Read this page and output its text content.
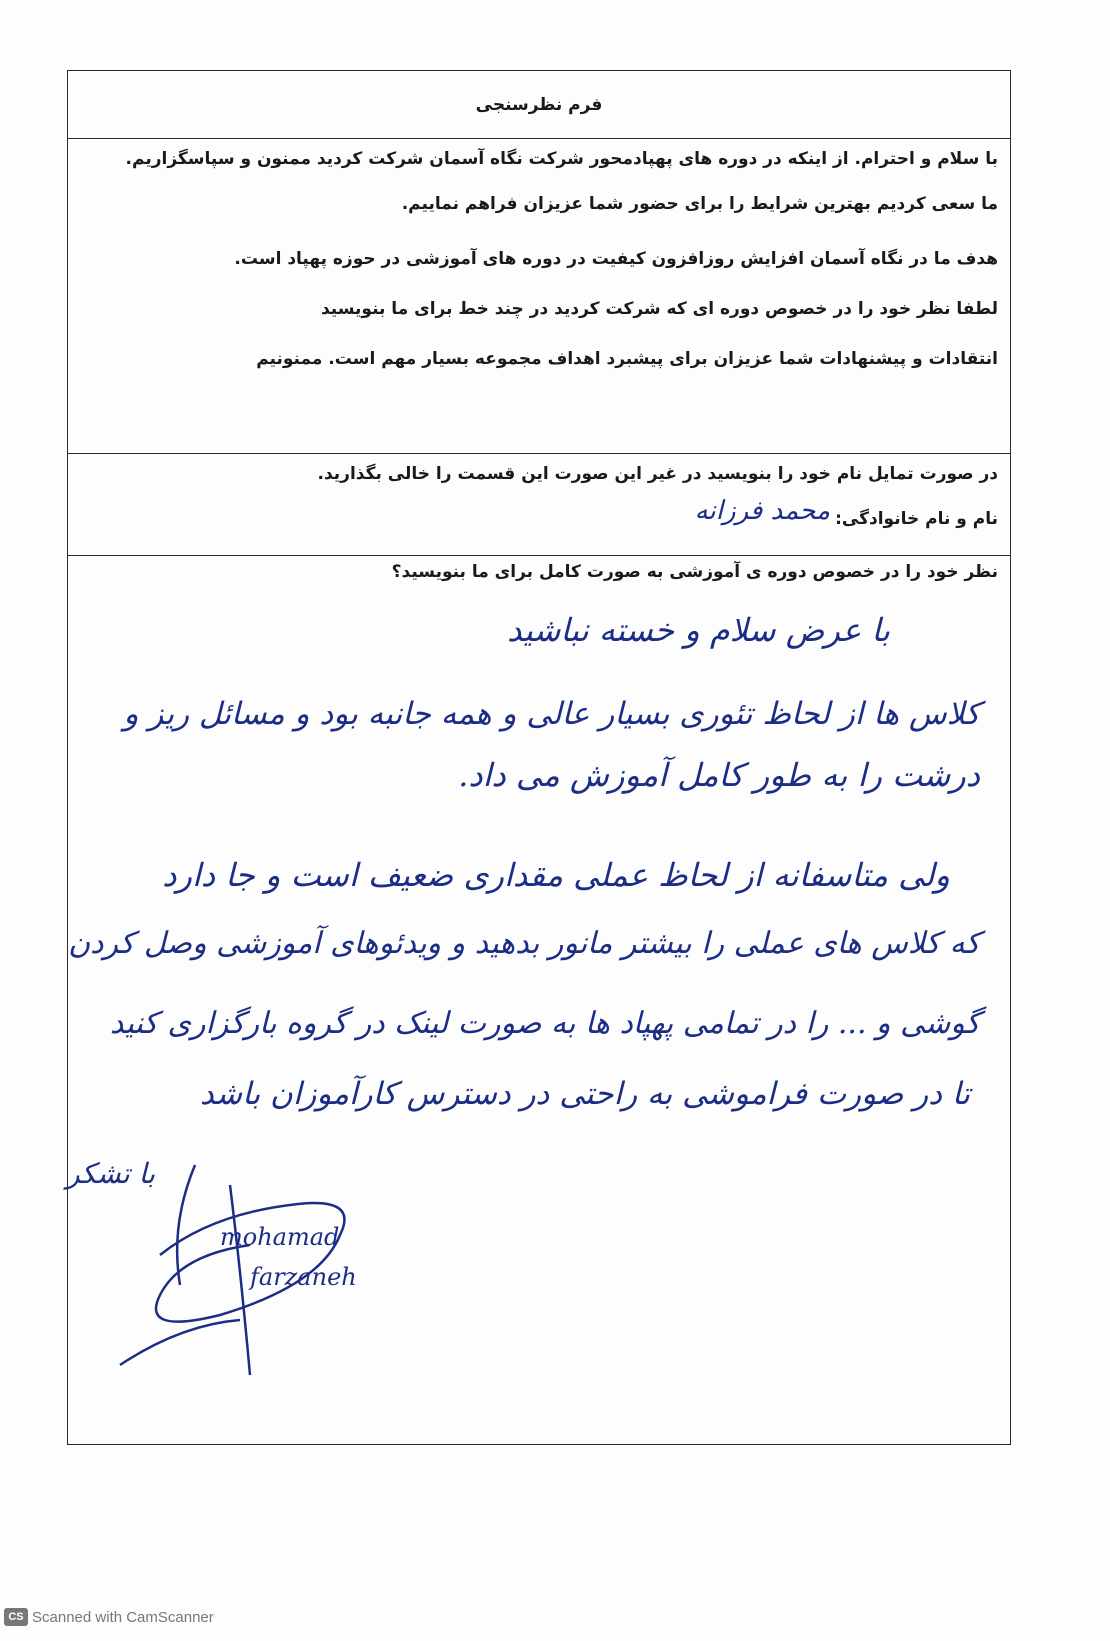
فرم نظرسنجی
با سلام و احترام. از اینکه در دوره های پهپادمحور شرکت نگاه آسمان شرکت کردید ممنون و سپاسگزاریم.
ما سعی کردیم بهترین شرایط را برای حضور شما عزیزان فراهم نماییم.
هدف ما در نگاه آسمان افزایش روزافزون کیفیت در دوره های آموزشی در حوزه پهپاد است.
لطفا نظر خود را در خصوص دوره ای که شرکت کردید در چند خط برای ما بنویسید
انتقادات و پیشنهادات شما عزیزان برای پیشبرد اهداف مجموعه بسیار مهم است. ممنونیم
در صورت تمایل نام خود را بنویسید در غیر این صورت این قسمت را خالی بگذارید.
نام و نام خانوادگی:
محمد فرزانه
نظر خود را در خصوص دوره ی آموزشی به صورت کامل برای ما بنویسید؟
با عرض سلام و خسته نباشید
کلاس ها از لحاظ تئوری بسیار عالی و همه جانبه بود و مسائل ریز و
درشت را به طور کامل آموزش می داد.
ولی متاسفانه از لحاظ عملی مقداری ضعیف است و جا دارد
که کلاس های عملی را بیشتر مانور بدهید و ویدئوهای آموزشی وصل کردن
گوشی و ... را در تمامی پهپاد ها به صورت لینک در گروه بارگزاری کنید
تا در صورت فراموشی به راحتی در دسترس کارآموزان باشد
با تشکر
mohamad
farzaneh
CS Scanned with CamScanner
